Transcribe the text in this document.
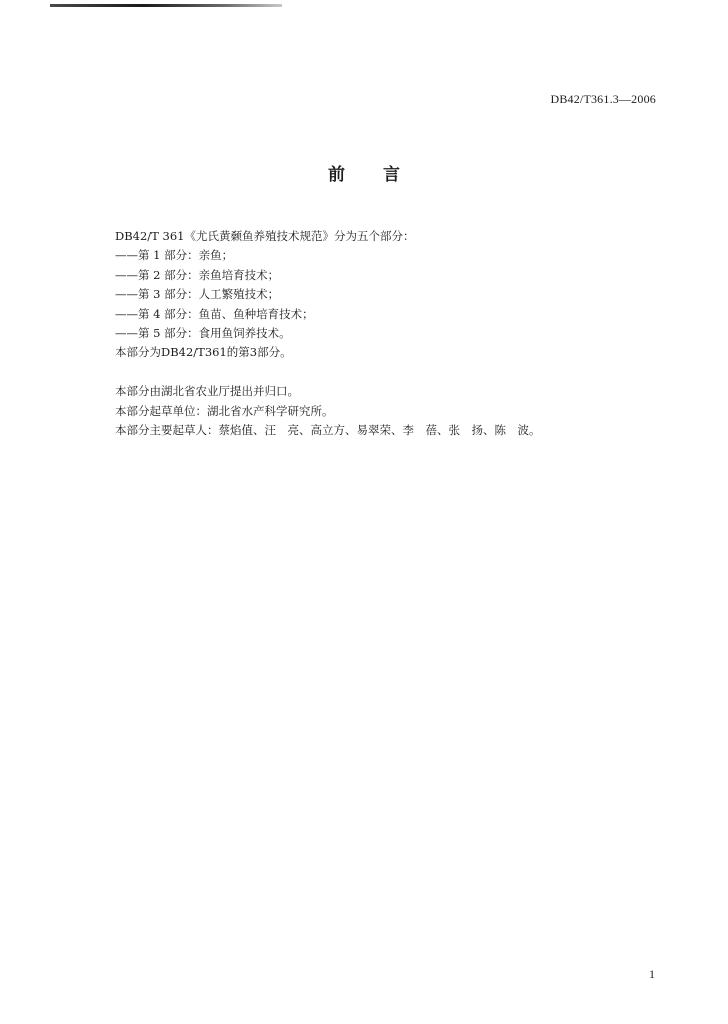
DB42/T361.3—2006
前言
DB42/T 361《尤氏黄颡鱼养殖技术规范》分为五个部分：
——第 1 部分：亲鱼；
——第 2 部分：亲鱼培育技术；
——第 3 部分：人工繁殖技术；
——第 4 部分：鱼苗、鱼种培育技术；
——第 5 部分：食用鱼饲养技术。
本部分为DB42/T361的第3部分。
本部分由湖北省农业厅提出并归口。
本部分起草单位：湖北省水产科学研究所。
本部分主要起草人：蔡焰值、汪　亮、高立方、易翠荣、李　蓓、张　扬、陈　波。
1
